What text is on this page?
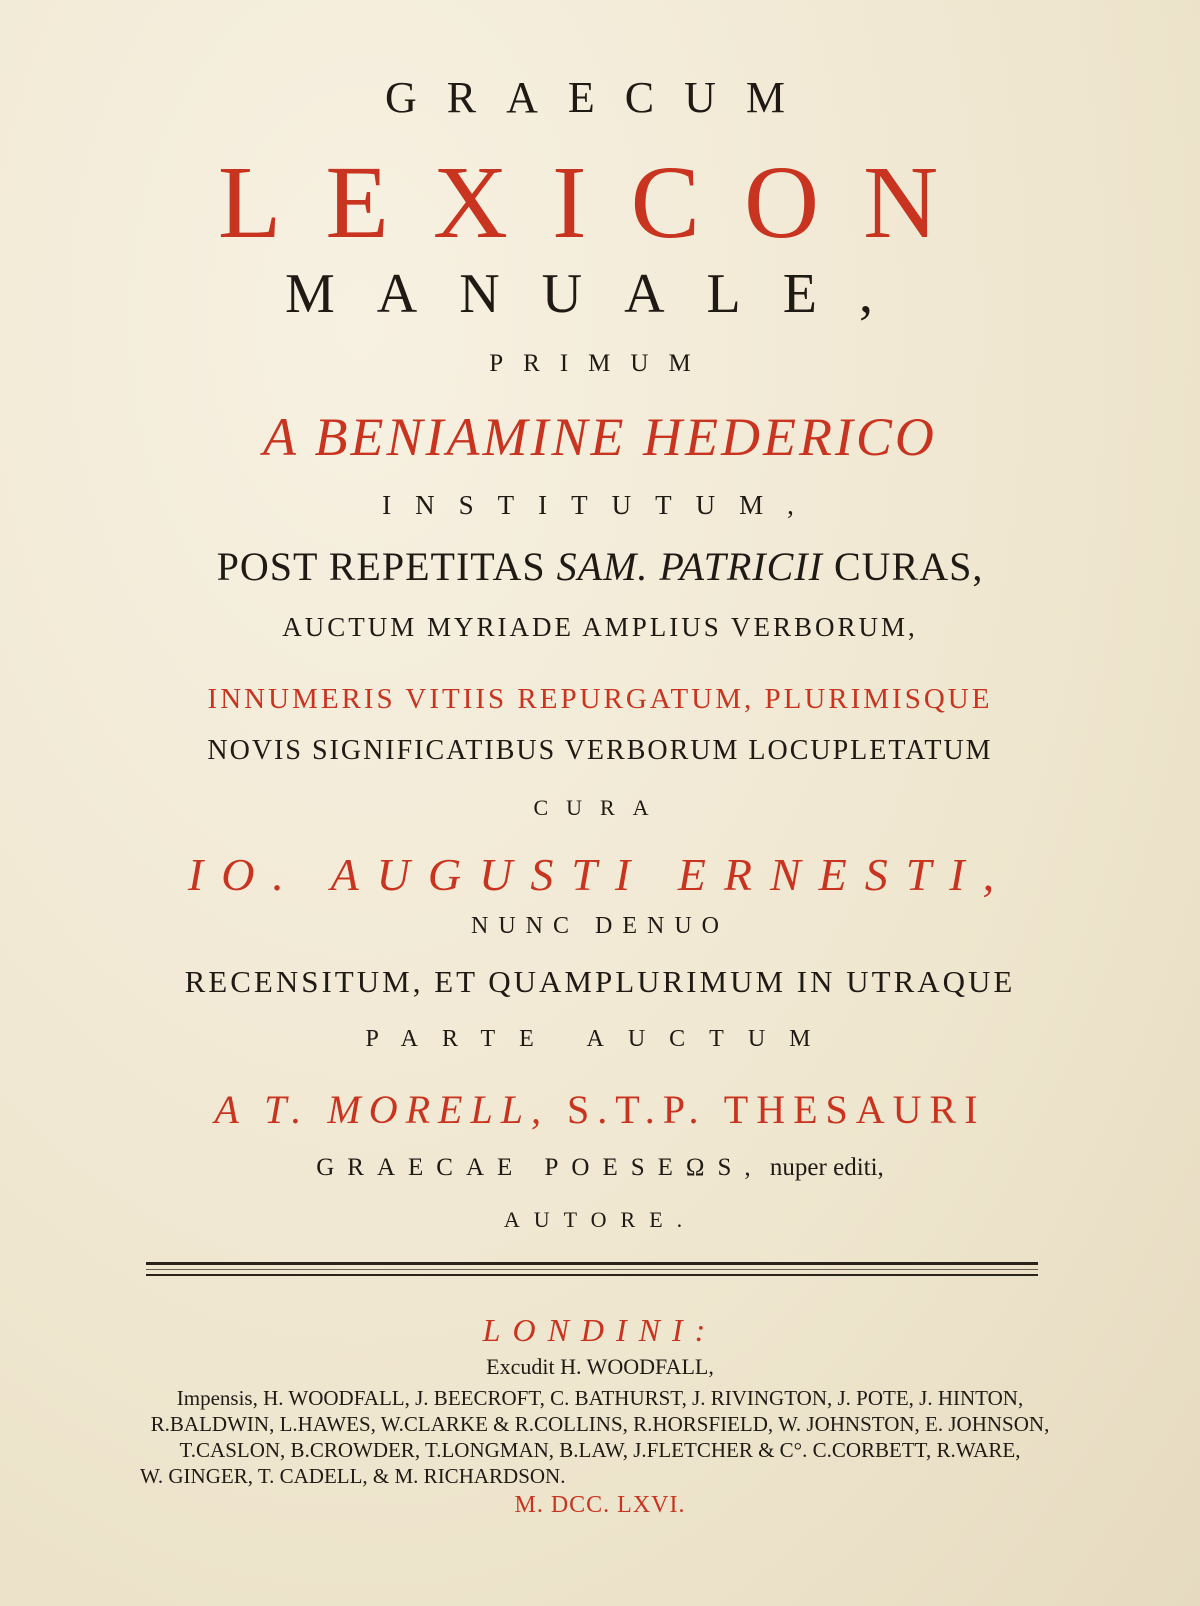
GRAECUM
LEXICON
MANUALE,
PRIMUM
A BENIAMINE HEDERICO
INSTITUTUM,
POST REPETITAS SAM. PATRICII CURAS,
AUCTUM MYRIADE AMPLIUS VERBORUM,
INNUMERIS VITIIS REPURGATUM, PLURIMISQUE
NOVIS SIGNIFICATIBUS VERBORUM LOCUPLETATUM
CURA
IO. AUGUSTI ERNESTI,
NUNC DENUO
RECENSITUM, ET QUAMPLURIMUM IN UTRAQUE
PARTE AUCTUM
A T. MORELL, S.T.P. THESAURI
GRAECAE POESEΩS, nuper editi,
AUTORE.
LONDINI:
Excudit H. WOODFALL,
Impensis, H. WOODFALL, J. BEECROFT, C. BATHURST, J. RIVINGTON, J. POTE, J. HINTON,
R.BALDWIN, L.HAWES, W.CLARKE & R.COLLINS, R.HORSFIELD, W. JOHNSTON, E. JOHNSON,
T.CASLON, B.CROWDER, T.LONGMAN, B.LAW, J.FLETCHER & C°. C.CORBETT, R.WARE,
W. GINGER, T. CADELL, & M. RICHARDSON.
M. DCC. LXVI.
